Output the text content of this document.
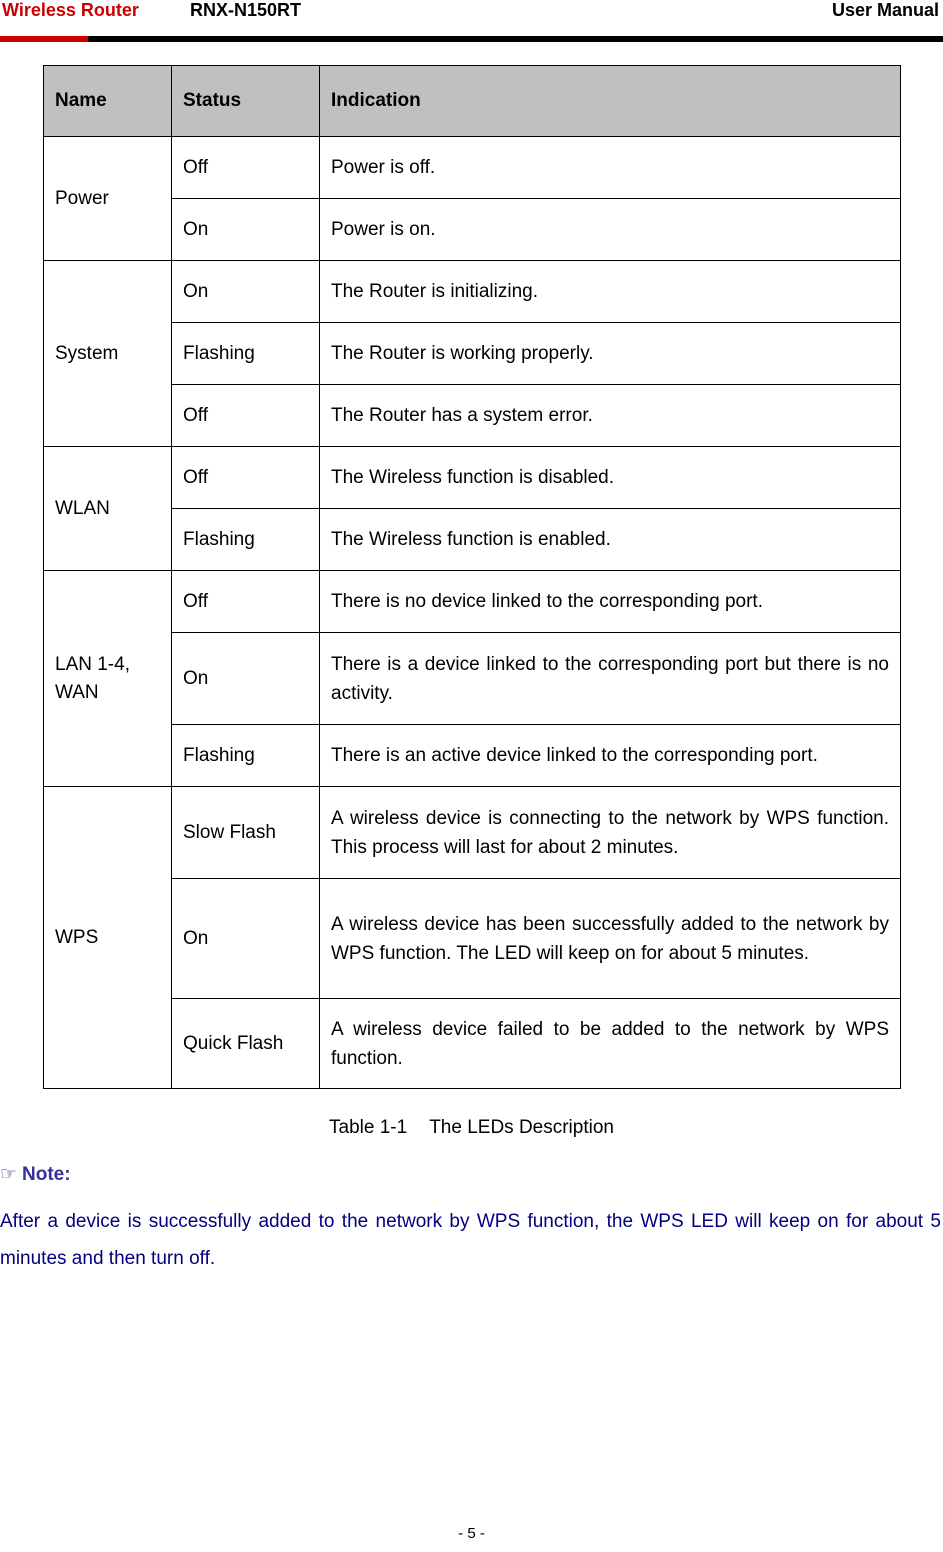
Wireless Router	RNX-N150RT	User Manual
Name	Status	Indication
Power	Off	Power is off.
	On	Power is on.
System	On	The Router is initializing.
	Flashing	The Router is working properly.
	Off	The Router has a system error.
WLAN	Off	The Wireless function is disabled.
	Flashing	The Wireless function is enabled.
LAN 1-4, WAN	Off	There is no device linked to the corresponding port.
	On	There is a device linked to the corresponding port but there is no activity.
	Flashing	There is an active device linked to the corresponding port.
WPS	Slow Flash	A wireless device is connecting to the network by WPS function. This process will last for about 2 minutes.
	On	A wireless device has been successfully added to the network by WPS function. The LED will keep on for about 5 minutes.
	Quick Flash	A wireless device failed to be added to the network by WPS function.
Table 1-1 The LEDs Description
☞ Note:
After a device is successfully added to the network by WPS function, the WPS LED will keep on for about 5 minutes and then turn off.
- 5 -
